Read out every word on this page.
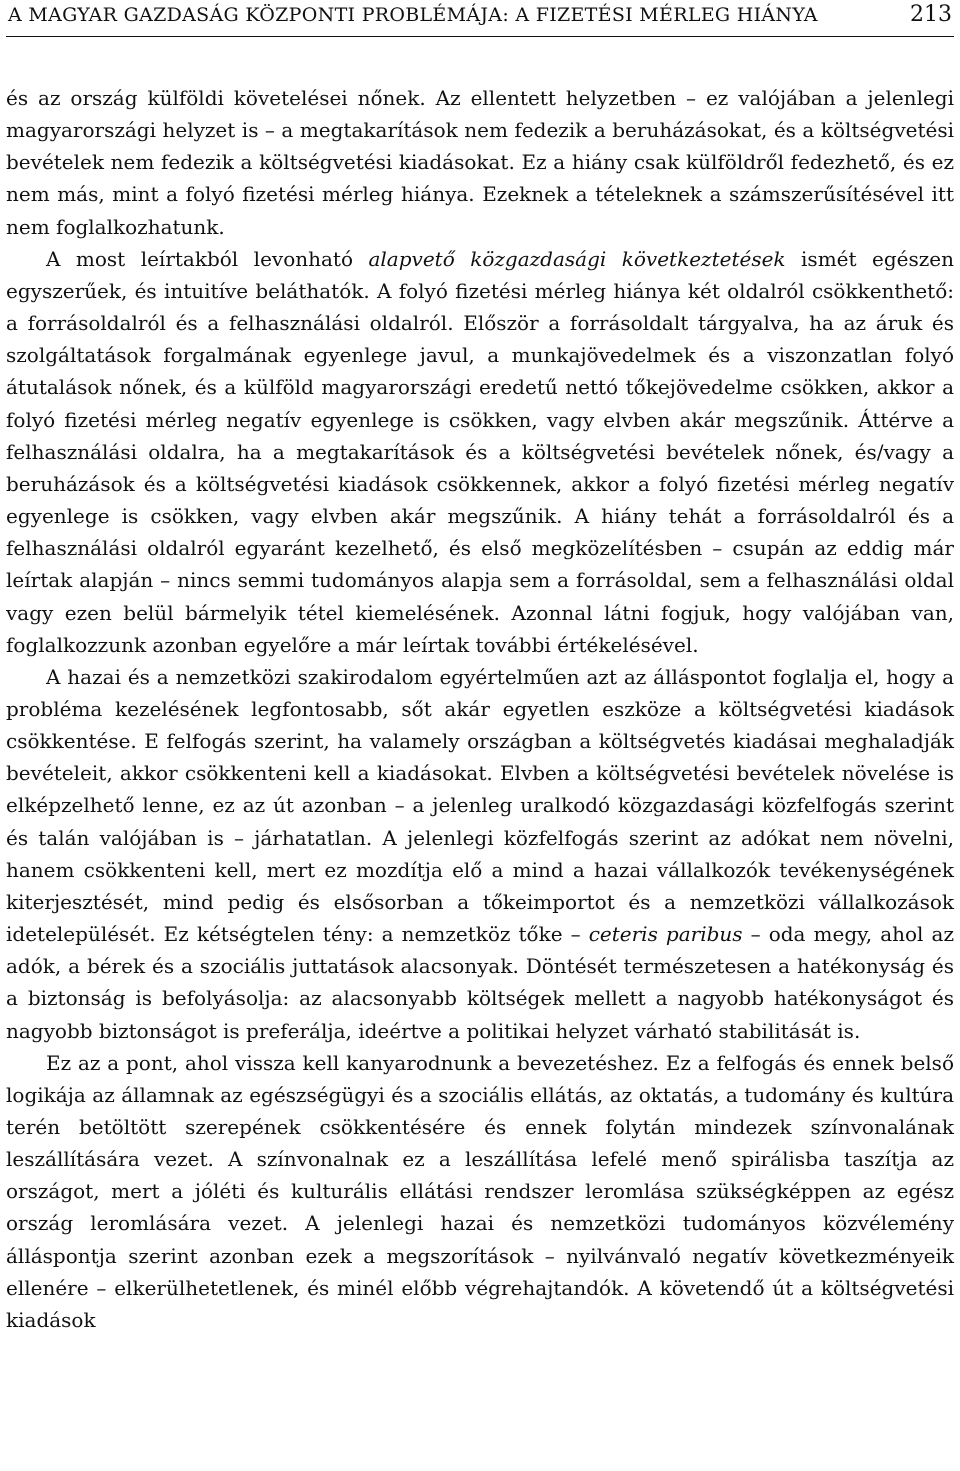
A MAGYAR GAZDASÁG KÖZPONTI PROBLÉMÁJA: A FIZETÉSI MÉRLEG HIÁNYA	213

és az ország külföldi követelései nőnek. Az ellentett helyzetben – ez valójában a jelenlegi magyarországi helyzet is – a megtakarítások nem fedezik a beruházásokat, és a költségvetési bevételek nem fedezik a költségvetési kiadásokat. Ez a hiány csak külföldről fedezhető, és ez nem más, mint a folyó fizetési mérleg hiánya. Ezeknek a tételeknek a számszerűsítésével itt nem foglalkozhatunk.

A most leírtakból levonható alapvető közgazdasági következtetések ismét egészen egyszerűek, és intuitíve beláthatók. A folyó fizetési mérleg hiánya két oldalról csökkenthető: a forrásoldalról és a felhasználási oldalról. Először a forrásoldalt tárgyalva, ha az áruk és szolgáltatások forgalmának egyenlege javul, a munkajövedelmek és a viszonzatlan folyó átutalások nőnek, és a külföld magyarországi eredetű nettó tőkejövedelme csökken, akkor a folyó fizetési mérleg negatív egyenlege is csökken, vagy elvben akár megszűnik. Áttérve a felhasználási oldalra, ha a megtakarítások és a költségvetési bevételek nőnek, és/vagy a beruházások és a költségvetési kiadások csökkennek, akkor a folyó fizetési mérleg negatív egyenlege is csökken, vagy elvben akár megszűnik. A hiány tehát a forrásoldalról és a felhasználási oldalról egyaránt kezelhető, és első megközelítésben – csupán az eddig már leírtak alapján – nincs semmi tudományos alapja sem a forrásoldal, sem a felhasználási oldal vagy ezen belül bármelyik tétel kiemelésének. Azonnal látni fogjuk, hogy valójában van, foglalkozzunk azonban egyelőre a már leírtak további értékelésével.

A hazai és a nemzetközi szakirodalom egyértelműen azt az álláspontot foglalja el, hogy a probléma kezelésének legfontosabb, sőt akár egyetlen eszköze a költségvetési kiadások csökkentése. E felfogás szerint, ha valamely országban a költségvetés kiadásai meghaladják bevételeit, akkor csökkenteni kell a kiadásokat. Elvben a költségvetési bevételek növelése is elképzelhető lenne, ez az út azonban – a jelenleg uralkodó közgazdasági közfelfogás szerint és talán valójában is – járhatatlan. A jelenlegi közfelfogás szerint az adókat nem növelni, hanem csökkenteni kell, mert ez mozdítja elő a mind a hazai vállalkozók tevékenységének kiterjesztését, mind pedig és elsősorban a tőkeimportot és a nemzetközi vállalkozások idetelepülését. Ez kétségtelen tény: a nemzetköz tőke – ceteris paribus – oda megy, ahol az adók, a bérek és a szociális juttatások alacsonyak. Döntését természetesen a hatékonyság és a biztonság is befolyásolja: az alacsonyabb költségek mellett a nagyobb hatékonyságot és nagyobb biztonságot is preferálja, ideértve a politikai helyzet várható stabilitását is.

Ez az a pont, ahol vissza kell kanyarodnunk a bevezetéshez. Ez a felfogás és ennek belső logikája az államnak az egészségügyi és a szociális ellátás, az oktatás, a tudomány és kultúra terén betöltött szerepének csökkentésére és ennek folytán mindezek színvonalának leszállítására vezet. A színvonalnak ez a leszállítása lefelé menő spirálisba taszítja az országot, mert a jóléti és kulturális ellátási rendszer leromlása szükségképpen az egész ország leromlására vezet. A jelenlegi hazai és nemzetközi tudományos közvélemény álláspontja szerint azonban ezek a megszorítások – nyilvánvaló negatív következményeik ellenére – elkerülhetetlenek, és minél előbb végrehajtandók. A követendő út a költségvetési kiadások
